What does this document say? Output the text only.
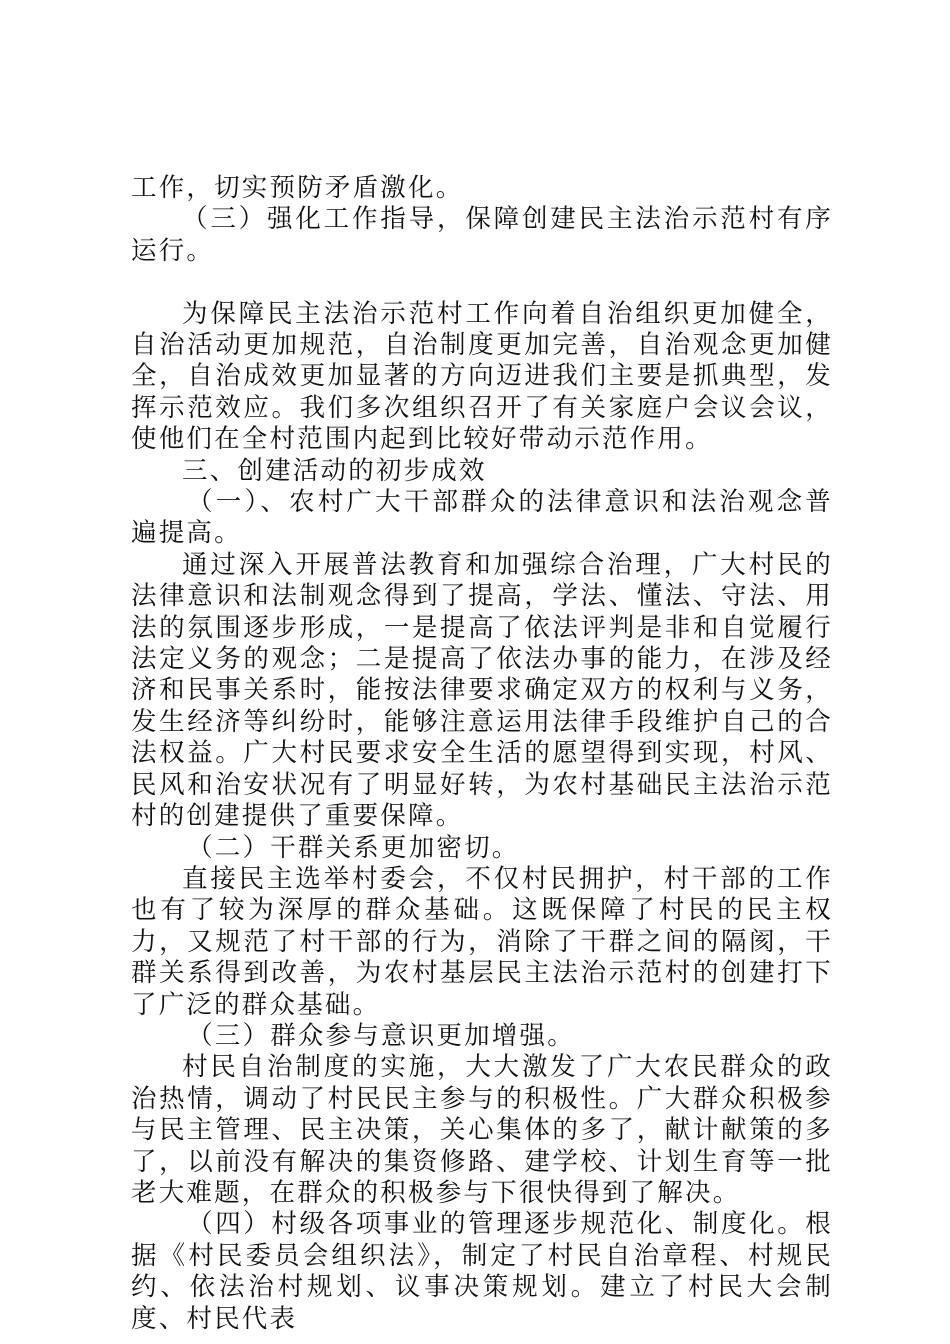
工作，切实预防矛盾激化。

（三）强化工作指导，保障创建民主法治示范村有序运行。

为保障民主法治示范村工作向着自治组织更加健全，自治活动更加规范，自治制度更加完善，自治观念更加健全，自治成效更加显著的方向迈进我们主要是抓典型，发挥示范效应。我们多次组织召开了有关家庭户会议会议，使他们在全村范围内起到比较好带动示范作用。

三、创建活动的初步成效

（一）、农村广大干部群众的法律意识和法治观念普遍提高。

通过深入开展普法教育和加强综合治理，广大村民的法律意识和法制观念得到了提高，学法、懂法、守法、用法的氛围逐步形成，一是提高了依法评判是非和自觉履行法定义务的观念；二是提高了依法办事的能力，在涉及经济和民事关系时，能按法律要求确定双方的权利与义务，发生经济等纠纷时，能够注意运用法律手段维护自己的合法权益。广大村民要求安全生活的愿望得到实现，村风、民风和治安状况有了明显好转，为农村基础民主法治示范村的创建提供了重要保障。

（二）干群关系更加密切。

直接民主选举村委会，不仅村民拥护，村干部的工作也有了较为深厚的群众基础。这既保障了村民的民主权力，又规范了村干部的行为，消除了干群之间的隔阂，干群关系得到改善，为农村基层民主法治示范村的创建打下了广泛的群众基础。

（三）群众参与意识更加增强。

村民自治制度的实施，大大激发了广大农民群众的政治热情，调动了村民民主参与的积极性。广大群众积极参与民主管理、民主决策，关心集体的多了，献计献策的多了，以前没有解决的集资修路、建学校、计划生育等一批老大难题，在群众的积极参与下很快得到了解决。

（四）村级各项事业的管理逐步规范化、制度化。根据《村民委员会组织法》，制定了村民自治章程、村规民约、依法治村规划、议事决策规划。建立了村民大会制度、村民代表
